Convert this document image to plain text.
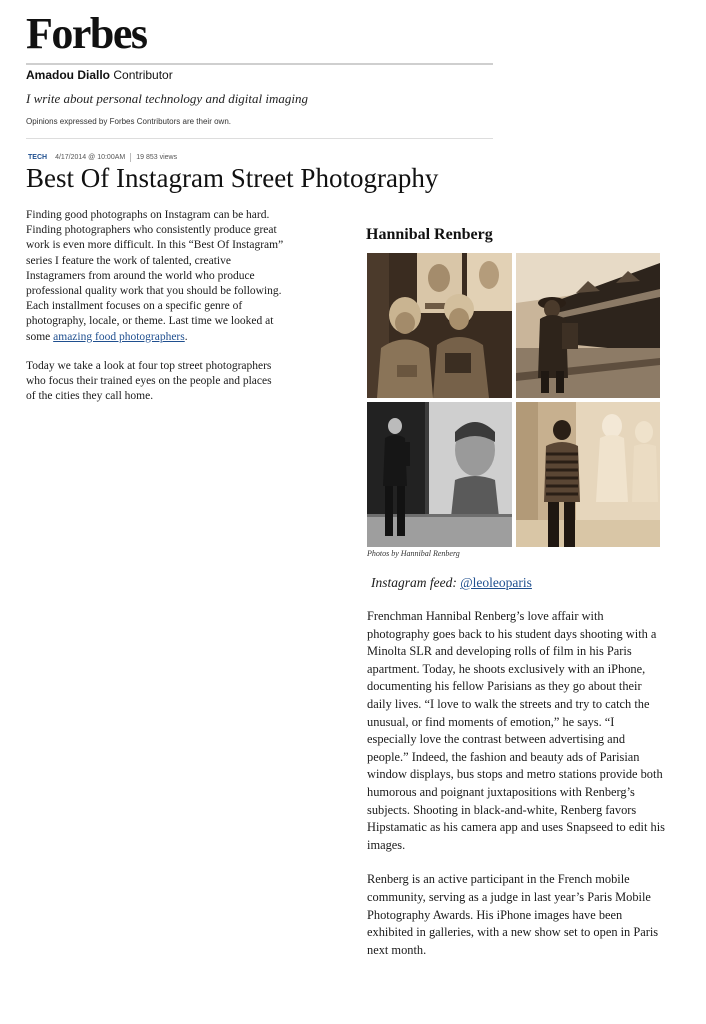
Forbes
Amadou Diallo Contributor
I write about personal technology and digital imaging
Opinions expressed by Forbes Contributors are their own.
TECH 4/17/2014 @ 10:00AM 19 853 views
Best Of Instagram Street Photography

Finding good photographs on Instagram can be hard. Finding photographers who consistently produce great work is even more difficult. In this “Best Of Instagram” series I feature the work of talented, creative Instagramers from around the world who produce professional quality work that you should be following. Each installment focuses on a specific genre of photography, locale, or theme. Last time we looked at some amazing food photographers.

Today we take a look at four top street photographers who focus their trained eyes on the people and places of the cities they call home.

Hannibal Renberg
Photos by Hannibal Renberg
Instagram feed: @leoleoparis

Frenchman Hannibal Renberg’s love affair with photography goes back to his student days shooting with a Minolta SLR and developing rolls of film in his Paris apartment. Today, he shoots exclusively with an iPhone, documenting his fellow Parisians as they go about their daily lives. “I love to walk the streets and try to catch the unusual, or find moments of emotion,” he says. “I especially love the contrast between advertising and people.” Indeed, the fashion and beauty ads of Parisian window displays, bus stops and metro stations provide both humorous and poignant juxtapositions with Renberg’s subjects. Shooting in black-and-white, Renberg favors Hipstamatic as his camera app and uses Snapseed to edit his images.

Renberg is an active participant in the French mobile community, serving as a judge in last year’s Paris Mobile Photography Awards. His iPhone images have been exhibited in galleries, with a new show set to open in Paris next month.
